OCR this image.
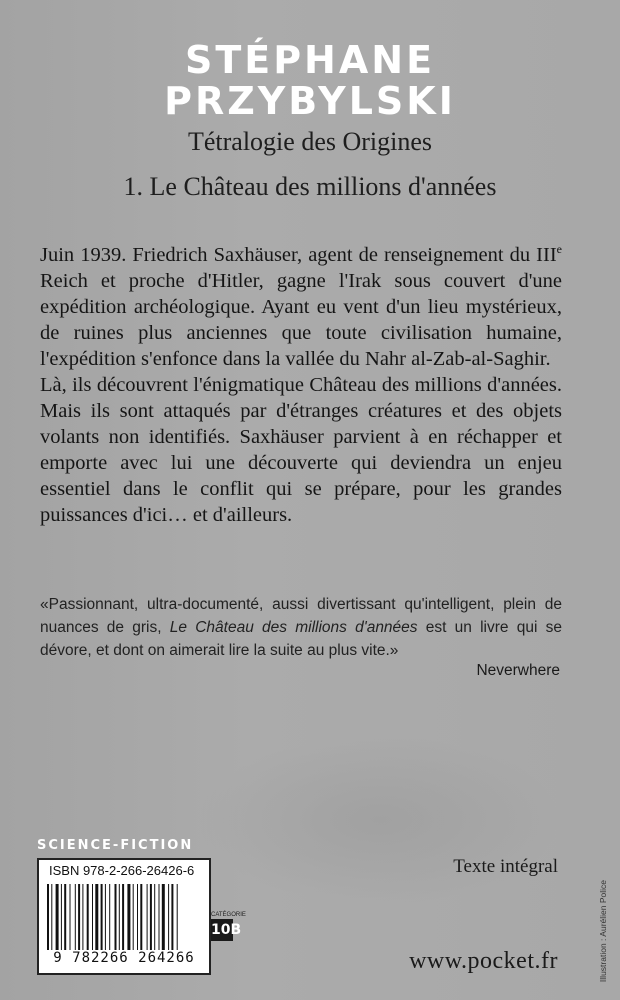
STÉPHANE
PRZYBYLSKI
Tétralogie des Origines
1. Le Château des millions d'années

Juin 1939. Friedrich Saxhäuser, agent de renseignement du IIIe Reich et proche d'Hitler, gagne l'Irak sous couvert d'une expédition archéologique. Ayant eu vent d'un lieu mystérieux, de ruines plus anciennes que toute civilisation humaine, l'expédition s'enfonce dans la vallée du Nahr al-Zab-al-Saghir.

Là, ils découvrent l'énigmatique Château des millions d'années. Mais ils sont attaqués par d'étranges créatures et des objets volants non identifiés. Saxhäuser parvient à en réchapper et emporte avec lui une découverte qui deviendra un enjeu essentiel dans le conflit qui se prépare, pour les grandes puissances d'ici… et d'ailleurs.

«Passionnant, ultra-documenté, aussi divertissant qu'intelligent, plein de nuances de gris, Le Château des millions d'années est un livre qui se dévore, et dont on aimerait lire la suite au plus vite.»
Neverwhere
SCIENCE-FICTION
ISBN 978-2-266-26426-6
9 782266 264266
CATÉGORIE
10B
Texte intégral
www.pocket.fr	Illustration : Aurélien Police
